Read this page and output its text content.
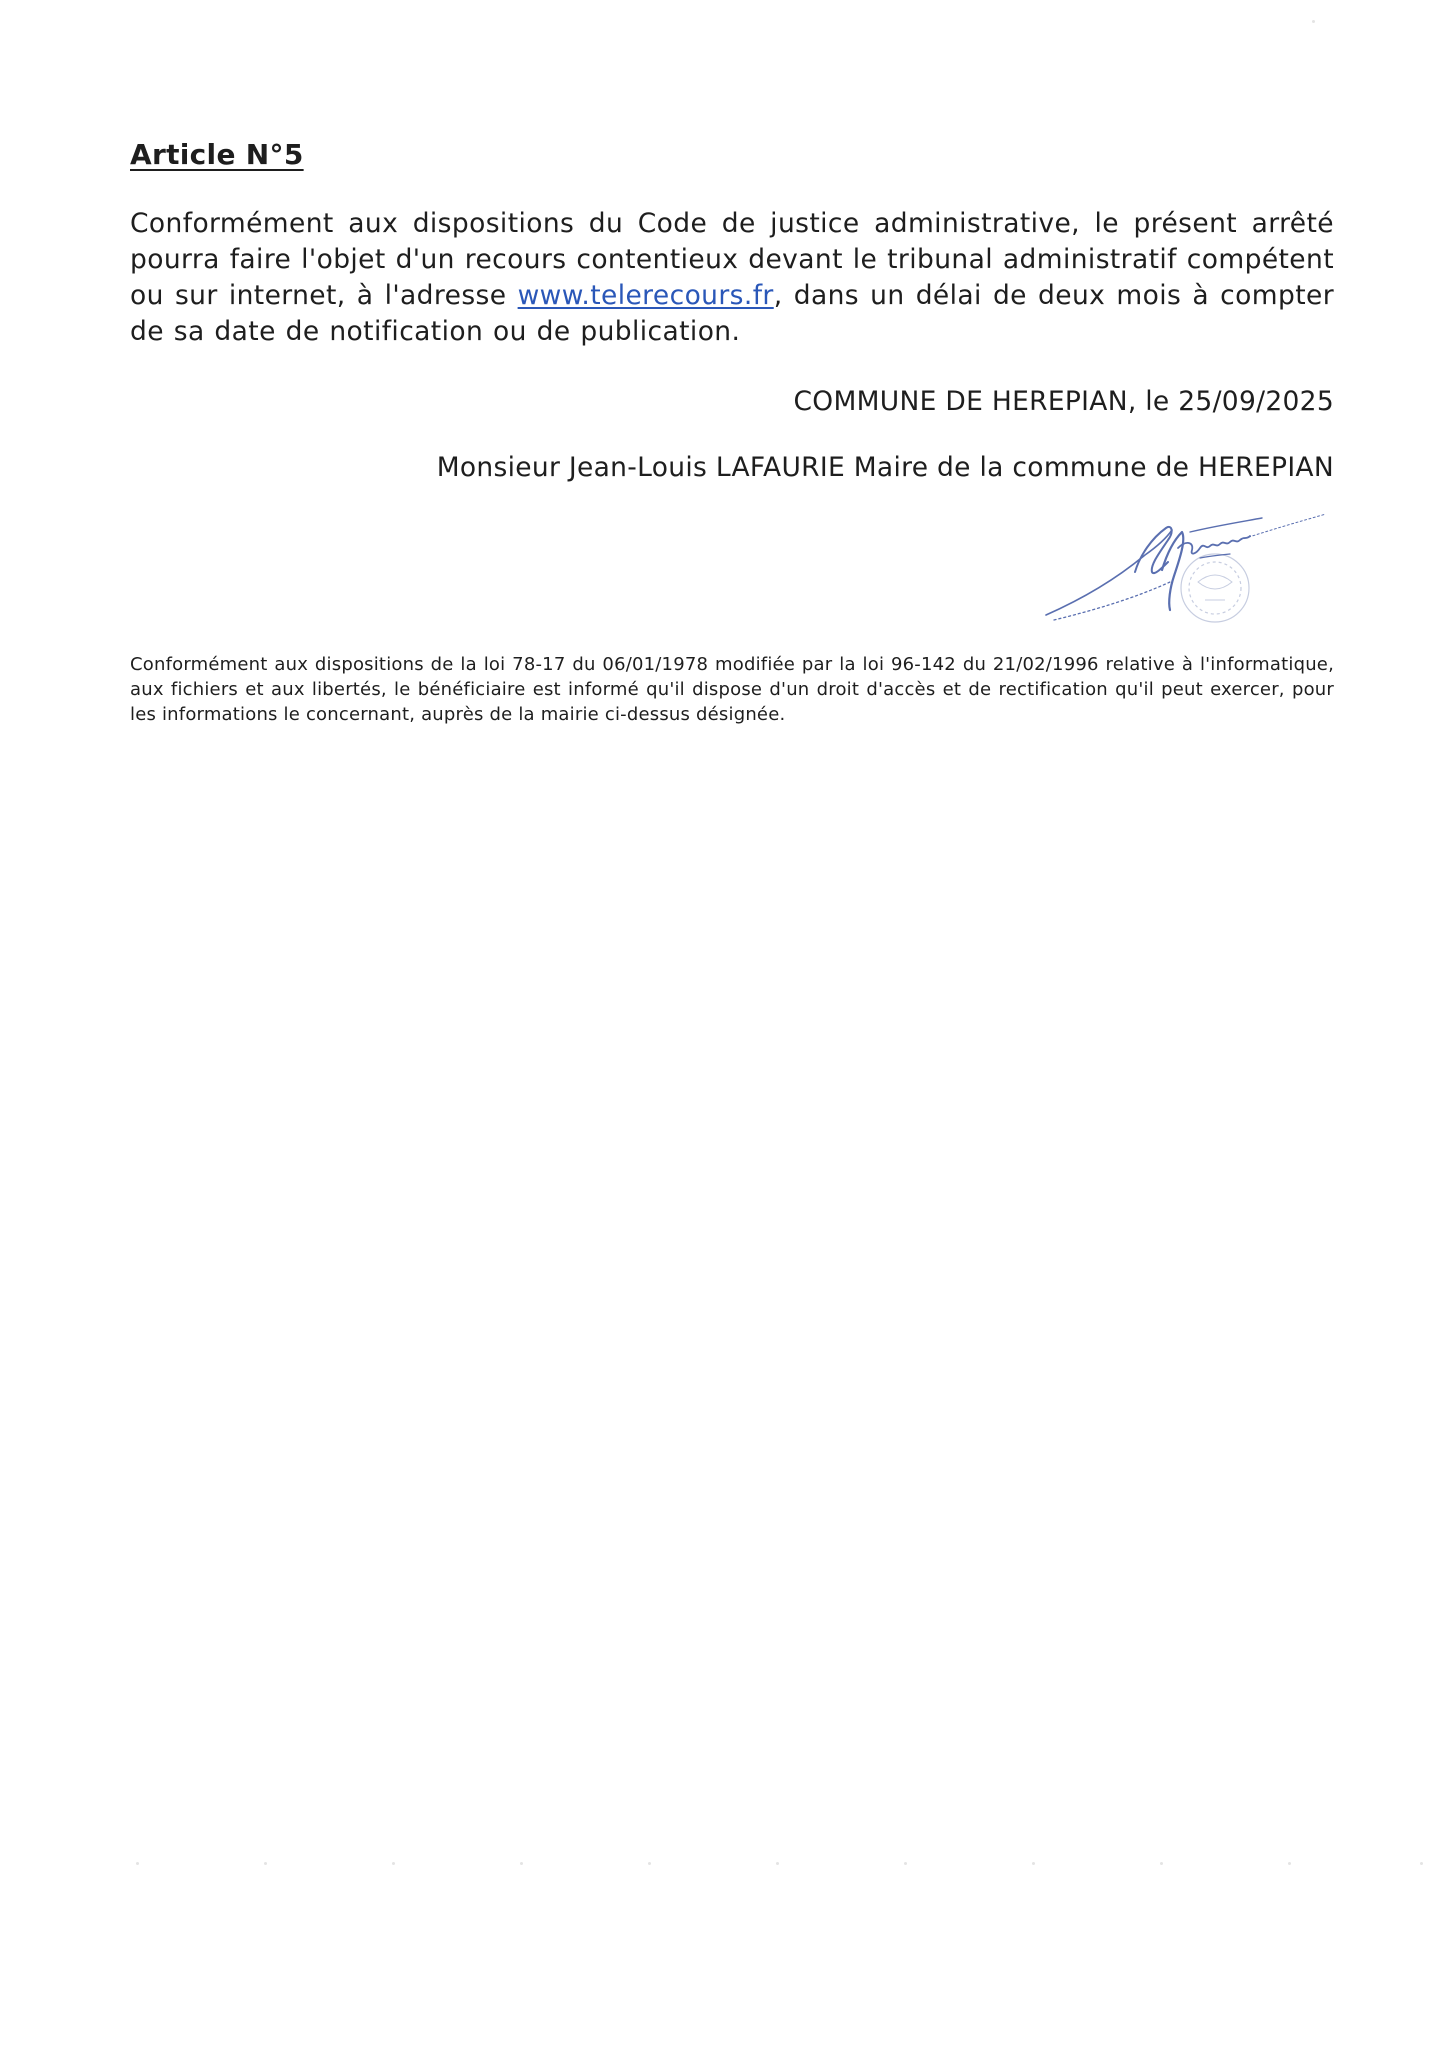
Article N°5

Conformément aux dispositions du Code de justice administrative, le présent arrêté pourra faire l'objet d'un recours contentieux devant le tribunal administratif compétent ou sur internet, à l'adresse www.telerecours.fr, dans un délai de deux mois à compter de sa date de notification ou de publication.

COMMUNE DE HEREPIAN, le 25/09/2025
Monsieur Jean-Louis LAFAURIE Maire de la commune de HEREPIAN

Conformément aux dispositions de la loi 78-17 du 06/01/1978 modifiée par la loi 96-142 du 21/02/1996 relative à l'informatique, aux fichiers et aux libertés, le bénéficiaire est informé qu'il dispose d'un droit d'accès et de rectification qu'il peut exercer, pour les informations le concernant, auprès de la mairie ci-dessus désignée.
